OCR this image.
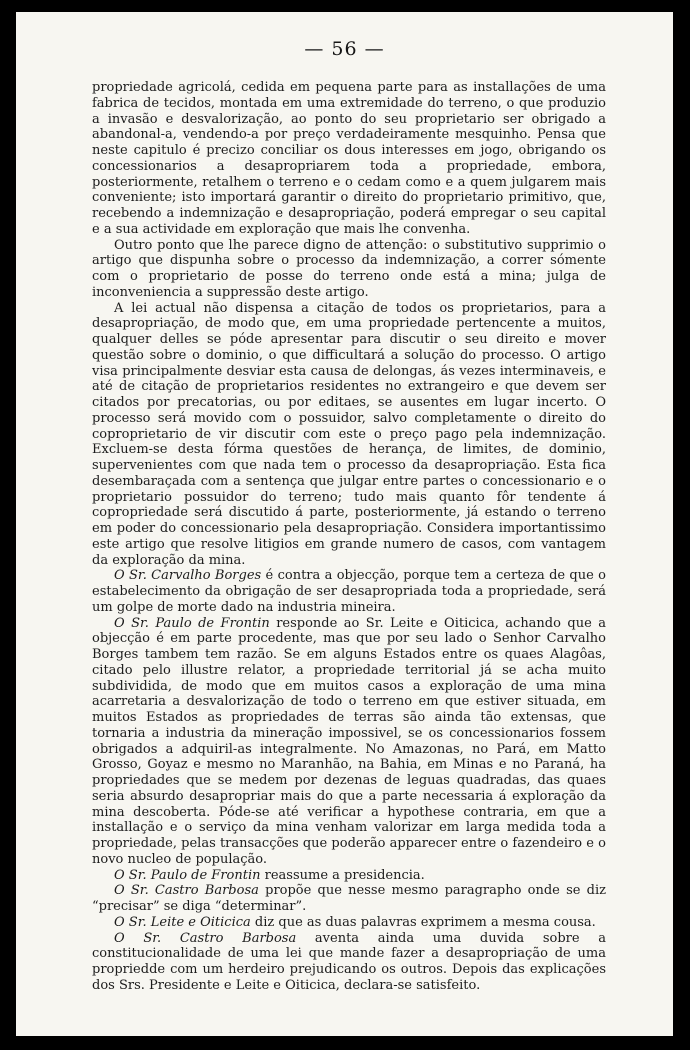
— 56 —

propriedade agricolá, cedida em pequena parte para as installações de uma fabrica de tecidos, montada em uma extremidade do terreno, o que produzio a invasão e desvalorização, ao ponto do seu proprietario ser obrigado a abandonal-a, vendendo-a por preço verdadeiramente mesquinho. Pensa que neste capitulo é precizo conciliar os dous interesses em jogo, obrigando os concessionarios a desapropriarem toda a propriedade, embora, posteriormente, retalhem o terreno e o cedam como e a quem julgarem mais conveniente; isto importará garantir o direito do proprietario primitivo, que, recebendo a indemnização e desapropriação, poderá empregar o seu capital e a sua actividade em exploração que mais lhe convenha.

Outro ponto que lhe parece digno de attenção: o substitutivo supprimio o artigo que dispunha sobre o processo da indemnização, a correr sómente com o proprietario de posse do terreno onde está a mina; julga de inconveniencia a suppressão deste artigo.

A lei actual não dispensa a citação de todos os proprietarios, para a desapropriação, de modo que, em uma propriedade pertencente a muitos, qualquer delles se póde apresentar para discutir o seu direito e mover questão sobre o dominio, o que difficultará a solução do processo. O artigo visa principalmente desviar esta causa de delongas, ás vezes interminaveis, e até de citação de proprietarios residentes no extrangeiro e que devem ser citados por precatorias, ou por editaes, se ausentes em lugar incerto. O processo será movido com o possuidor, salvo completamente o direito do coproprietario de vir discutir com este o preço pago pela indemnização. Excluem-se desta fórma questões de herança, de limites, de dominio, supervenientes com que nada tem o processo da desapropriação. Esta fica desembaraçada com a sentença que julgar entre partes o concessionario e o proprietario possuidor do terreno; tudo mais quanto fôr tendente á copropriedade será discutido á parte, posteriormente, já estando o terreno em poder do concessionario pela desapropriação. Considera importantissimo este artigo que resolve litigios em grande numero de casos, com vantagem da exploração da mina.

O Sr. Carvalho Borges é contra a objecção, porque tem a certeza de que o estabelecimento da obrigação de ser desapropriada toda a propriedade, será um golpe de morte dado na industria mineira.

O Sr. Paulo de Frontin responde ao Sr. Leite e Oiticica, achando que a objecção é em parte procedente, mas que por seu lado o Senhor Carvalho Borges tambem tem razão. Se em alguns Estados entre os quaes Alagôas, citado pelo illustre relator, a propriedade territorial já se acha muito subdividida, de modo que em muitos casos a exploração de uma mina acarretaria a desvalorização de todo o terreno em que estiver situada, em muitos Estados as propriedades de terras são ainda tão extensas, que tornaria a industria da mineração impossivel, se os concessionarios fossem obrigados a adquiril-as integralmente. No Amazonas, no Pará, em Matto Grosso, Goyaz e mesmo no Maranhão, na Bahia, em Minas e no Paraná, ha propriedades que se medem por dezenas de leguas quadradas, das quaes seria absurdo desapropriar mais do que a parte necessaria á exploração da mina descoberta. Póde-se até verificar a hypothese contraria, em que a installação e o serviço da mina venham valorizar em larga medida toda a propriedade, pelas transacções que poderão apparecer entre o fazendeiro e o novo nucleo de população.

O Sr. Paulo de Frontin reassume a presidencia.

O Sr. Castro Barbosa propõe que nesse mesmo paragrapho onde se diz “precisar” se diga “determinar”.

O Sr. Leite e Oiticica diz que as duas palavras exprimem a mesma cousa.

O Sr. Castro Barbosa aventa ainda uma duvida sobre a constitucionalidade de uma lei que mande fazer a desapropriação de uma propriedde com um herdeiro prejudicando os outros. Depois das explicações dos Srs. Presidente e Leite e Oiticica, declara-se satisfeito.
